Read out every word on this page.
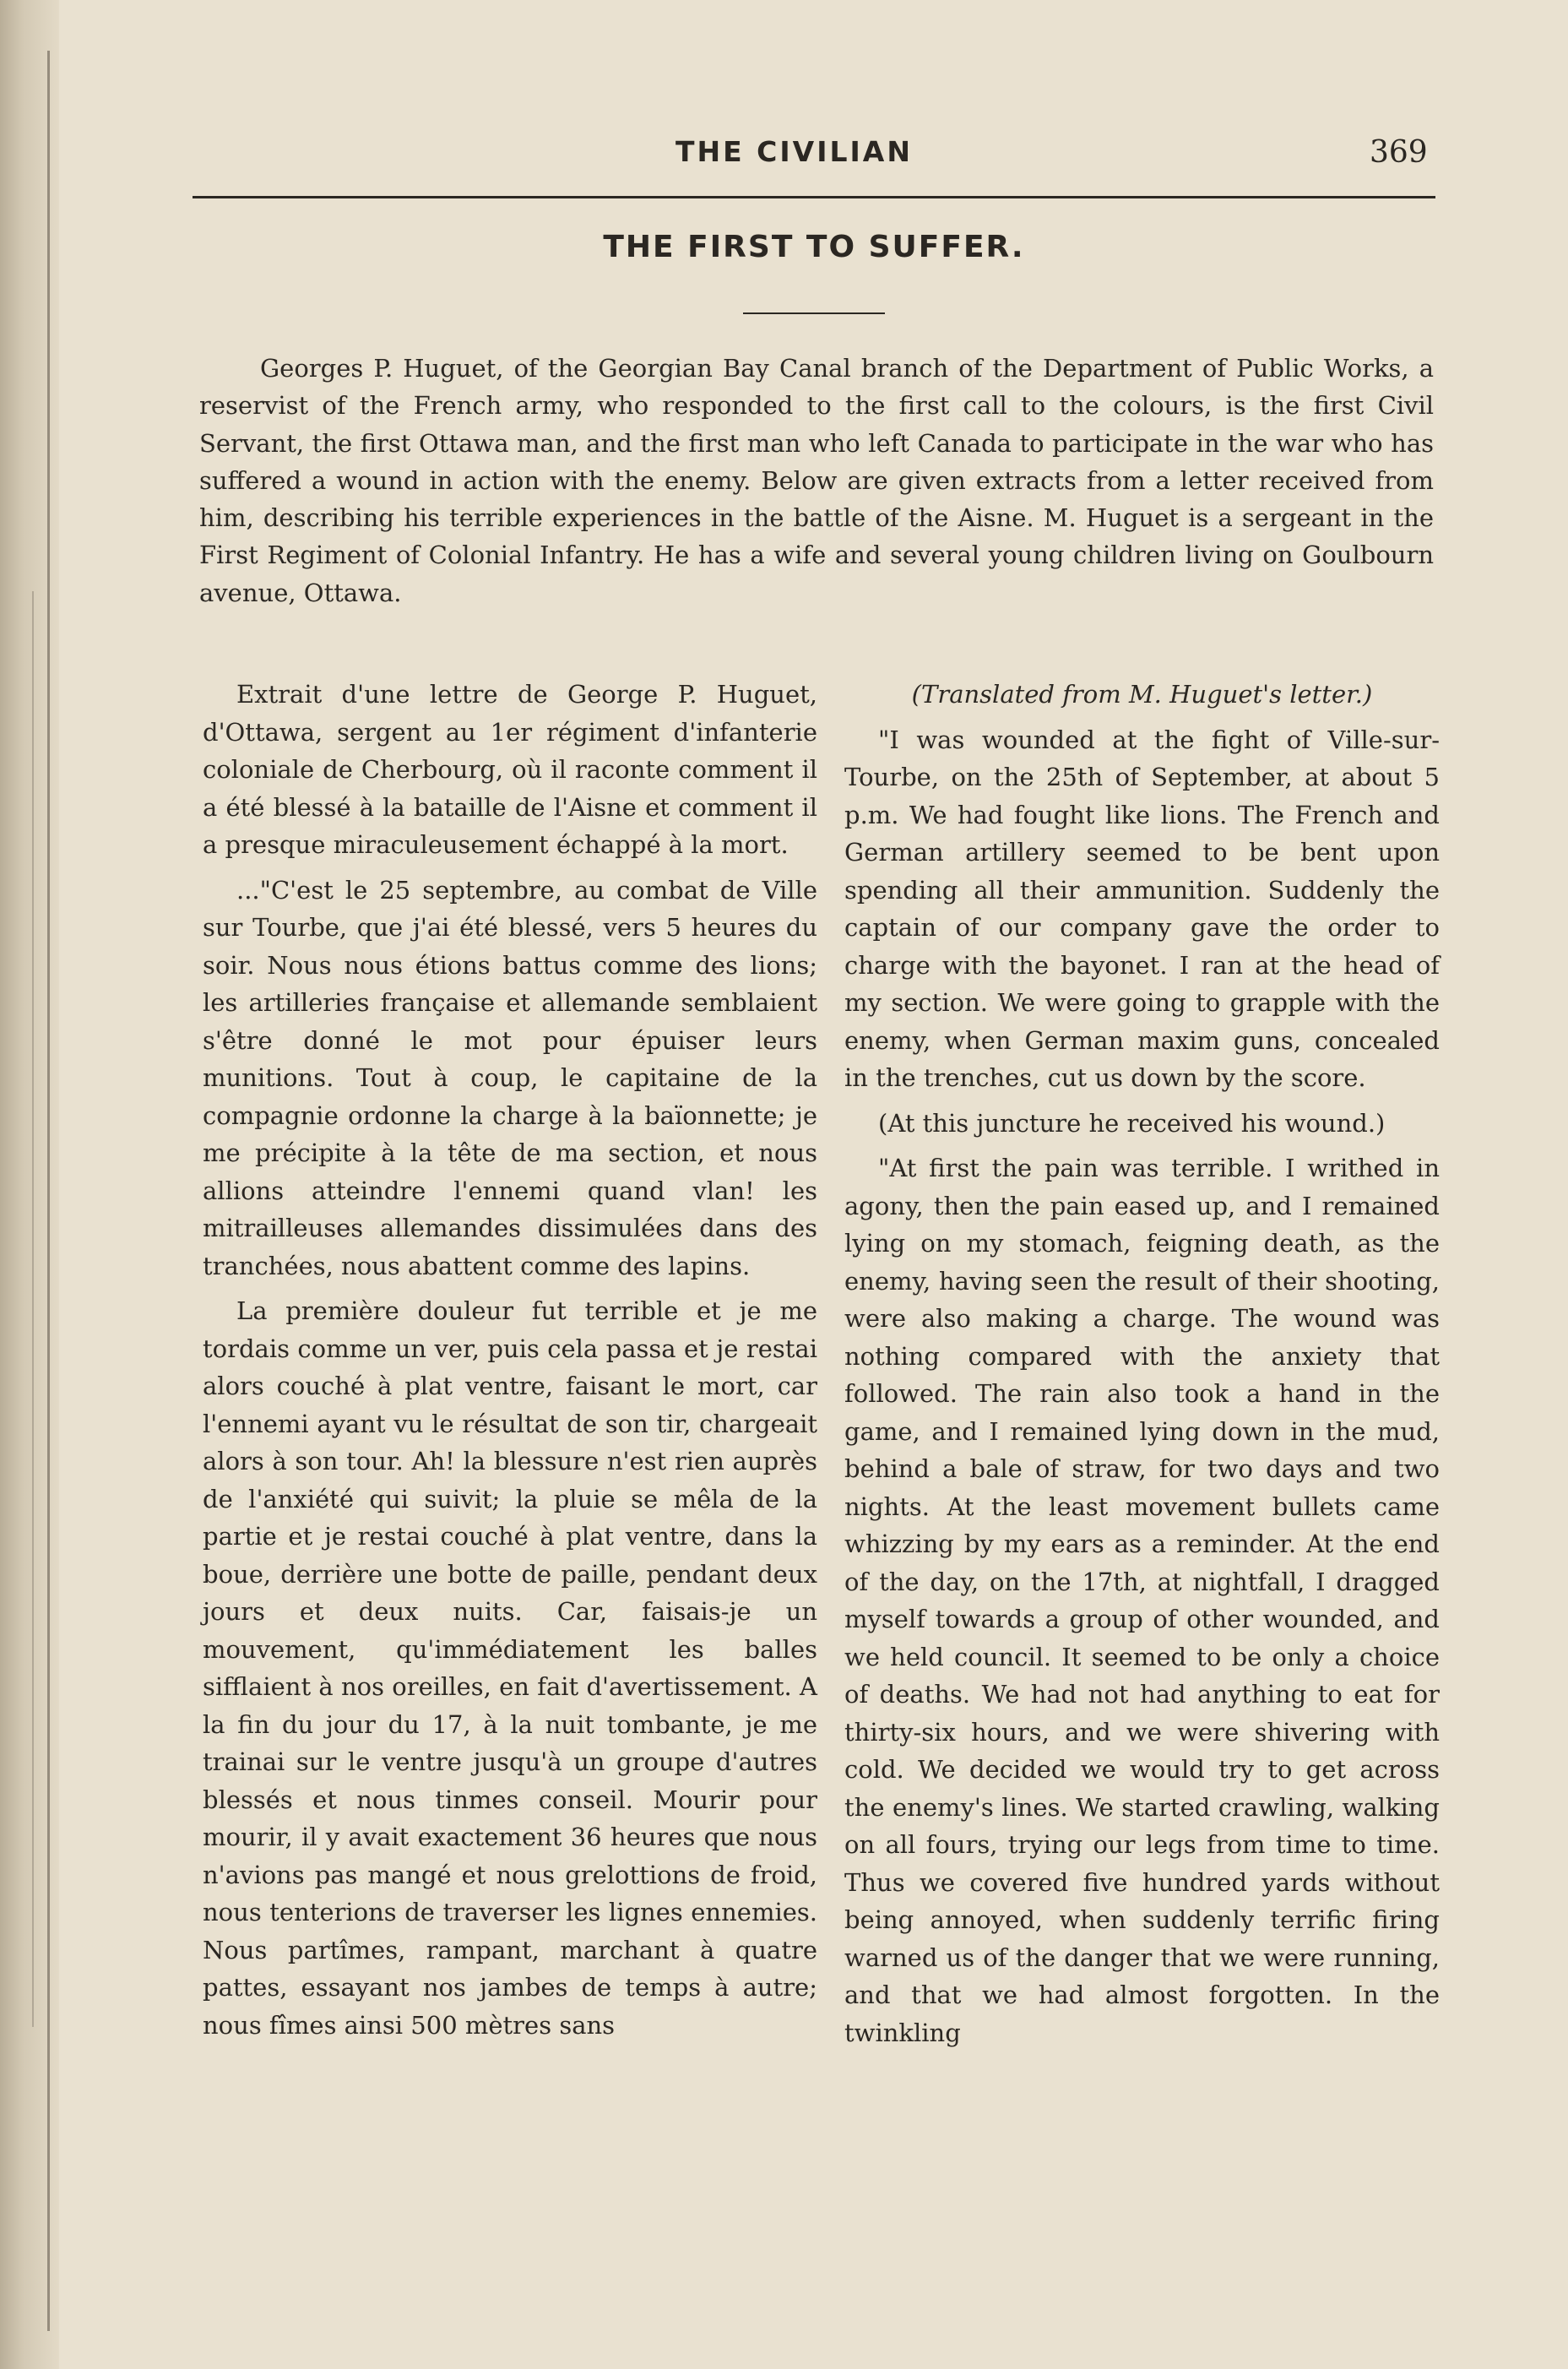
THE CIVILIAN	369
THE FIRST TO SUFFER.

Georges P. Huguet, of the Georgian Bay Canal branch of the Department of Public Works, a reservist of the French army, who responded to the first call to the colours, is the first Civil Servant, the first Ottawa man, and the first man who left Canada to participate in the war who has suffered a wound in action with the enemy. Below are given extracts from a letter received from him, describing his terrible experiences in the battle of the Aisne. M. Huguet is a sergeant in the First Regiment of Colonial Infantry. He has a wife and several young children living on Goulbourn avenue, Ottawa.

Extrait d'une lettre de George P. Huguet, d'Ottawa, sergent au 1er régiment d'infanterie coloniale de Cherbourg, où il raconte comment il a été blessé à la bataille de l'Aisne et comment il a presque miraculeusement échappé à la mort.

..."C'est le 25 septembre, au combat de Ville sur Tourbe, que j'ai été blessé, vers 5 heures du soir. Nous nous étions battus comme des lions; les artilleries française et allemande semblaient s'être donné le mot pour épuiser leurs munitions. Tout à coup, le capitaine de la compagnie ordonne la charge à la baïonnette; je me précipite à la tête de ma section, et nous allions atteindre l'ennemi quand vlan! les mitrailleuses allemandes dissimulées dans des tranchées, nous abattent comme des lapins.

La première douleur fut terrible et je me tordais comme un ver, puis cela passa et je restai alors couché à plat ventre, faisant le mort, car l'ennemi ayant vu le résultat de son tir, chargeait alors à son tour. Ah! la blessure n'est rien auprès de l'anxiété qui suivit; la pluie se mêla de la partie et je restai couché à plat ventre, dans la boue, derrière une botte de paille, pendant deux jours et deux nuits. Car, faisais-je un mouvement, qu'immédiatement les balles sifflaient à nos oreilles, en fait d'avertissement. A la fin du jour du 17, à la nuit tombante, je me trainai sur le ventre jusqu'à un groupe d'autres blessés et nous tinmes conseil. Mourir pour mourir, il y avait exactement 36 heures que nous n'avions pas mangé et nous grelottions de froid, nous tenterions de traverser les lignes ennemies. Nous partîmes, rampant, marchant à quatre pattes, essayant nos jambes de temps à autre; nous fîmes ainsi 500 mètres sans

(Translated from M. Huguet's letter.)

"I was wounded at the fight of Ville-sur-Tourbe, on the 25th of September, at about 5 p.m. We had fought like lions. The French and German artillery seemed to be bent upon spending all their ammunition. Suddenly the captain of our company gave the order to charge with the bayonet. I ran at the head of my section. We were going to grapple with the enemy, when German maxim guns, concealed in the trenches, cut us down by the score.

(At this juncture he received his wound.)

"At first the pain was terrible. I writhed in agony, then the pain eased up, and I remained lying on my stomach, feigning death, as the enemy, having seen the result of their shooting, were also making a charge. The wound was nothing compared with the anxiety that followed. The rain also took a hand in the game, and I remained lying down in the mud, behind a bale of straw, for two days and two nights. At the least movement bullets came whizzing by my ears as a reminder. At the end of the day, on the 17th, at nightfall, I dragged myself towards a group of other wounded, and we held council. It seemed to be only a choice of deaths. We had not had anything to eat for thirty-six hours, and we were shivering with cold. We decided we would try to get across the enemy's lines. We started crawling, walking on all fours, trying our legs from time to time. Thus we covered five hundred yards without being annoyed, when suddenly terrific firing warned us of the danger that we were running, and that we had almost forgotten. In the twinkling
